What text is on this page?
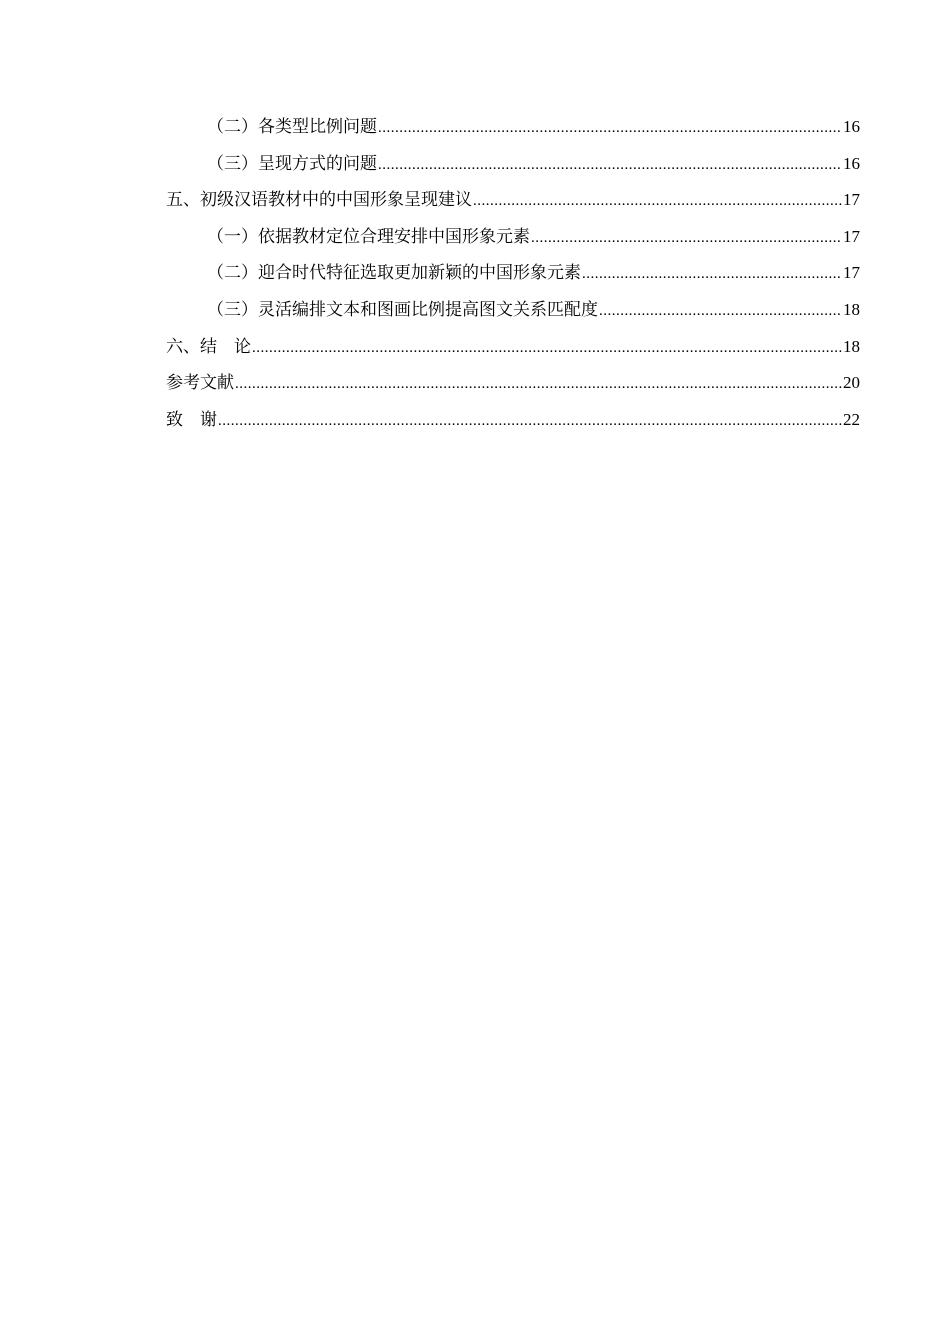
（二）各类型比例问题 .....	16
（三）呈现方式的问题 .....	16
五、初级汉语教材中的中国形象呈现建议 .....	17
（一）依据教材定位合理安排中国形象元素 .....	17
（二）迎合时代特征选取更加新颖的中国形象元素 .....	17
（三）灵活编排文本和图画比例提高图文关系匹配度 .....	18
六、结　论 .....	18
参考文献 .....	20
致　谢 .....	22
